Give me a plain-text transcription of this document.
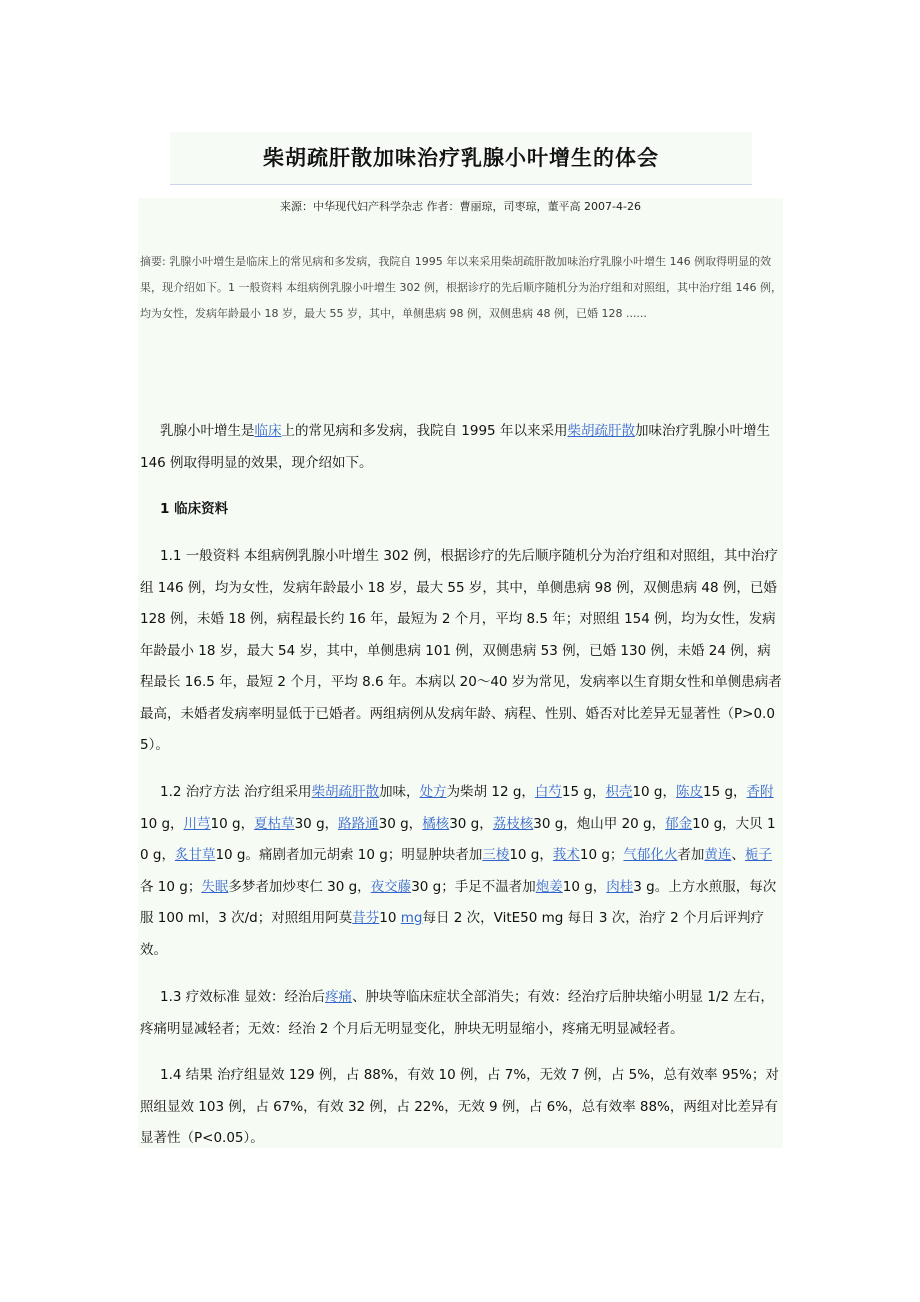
柴胡疏肝散加味治疗乳腺小叶增生的体会
来源：中华现代妇产科学杂志 作者：曹丽琼，司枣琼，董平高 2007-4-26
摘要: 乳腺小叶增生是临床上的常见病和多发病，我院自 1995 年以来采用柴胡疏肝散加味治疗乳腺小叶增生 146 例取得明显的效果，现介绍如下。1 一般资料 本组病例乳腺小叶增生 302 例，根据诊疗的先后顺序随机分为治疗组和对照组，其中治疗组 146 例，均为女性，发病年龄最小 18 岁，最大 55 岁，其中，单侧患病 98 例，双侧患病 48 例，已婚 128 ......
乳腺小叶增生是临床上的常见病和多发病，我院自 1995 年以来采用柴胡疏肝散加味治疗乳腺小叶增生 146 例取得明显的效果，现介绍如下。
1 临床资料
1.1 一般资料 本组病例乳腺小叶增生 302 例，根据诊疗的先后顺序随机分为治疗组和对照组，其中治疗组 146 例，均为女性，发病年龄最小 18 岁，最大 55 岁，其中，单侧患病 98 例，双侧患病 48 例，已婚 128 例，未婚 18 例，病程最长约 16 年，最短为 2 个月，平均 8.5 年；对照组 154 例，均为女性，发病年龄最小 18 岁，最大 54 岁，其中，单侧患病 101 例，双侧患病 53 例，已婚 130 例，未婚 24 例，病程最长 16.5 年，最短 2 个月，平均 8.6 年。本病以 20～40 岁为常见，发病率以生育期女性和单侧患病者最高，未婚者发病率明显低于已婚者。两组病例从发病年龄、病程、性别、婚否对比差异无显著性（P>0.05）。
1.2 治疗方法 治疗组采用柴胡疏肝散加味，处方为柴胡 12 g，白芍15 g，枳壳10 g，陈皮15 g，香附10 g，川芎10 g，夏枯草30 g，路路通30 g，橘核30 g，荔枝核30 g，炮山甲 20 g，郁金10 g，大贝 10 g，炙甘草10 g。痛剧者加元胡索 10 g；明显肿块者加三棱10 g，莪术10 g；气郁化火者加黄连、栀子各 10 g；失眠多梦者加炒枣仁 30 g，夜交藤30 g；手足不温者加炮姜10 g，肉桂3 g。上方水煎服，每次服 100 ml，3 次/d；对照组用阿莫昔芬10 mg每日 2 次，VitE50 mg 每日 3 次，治疗 2 个月后评判疗效。
1.3 疗效标准 显效：经治后疼痛、肿块等临床症状全部消失；有效：经治疗后肿块缩小明显 1/2 左右，疼痛明显减轻者；无效：经治 2 个月后无明显变化，肿块无明显缩小，疼痛无明显减轻者。
1.4 结果 治疗组显效 129 例，占 88%，有效 10 例，占 7%，无效 7 例，占 5%，总有效率 95%；对照组显效 103 例，占 67%，有效 32 例，占 22%，无效 9 例，占 6%，总有效率 88%，两组对比差异有显著性（P<0.05）。
